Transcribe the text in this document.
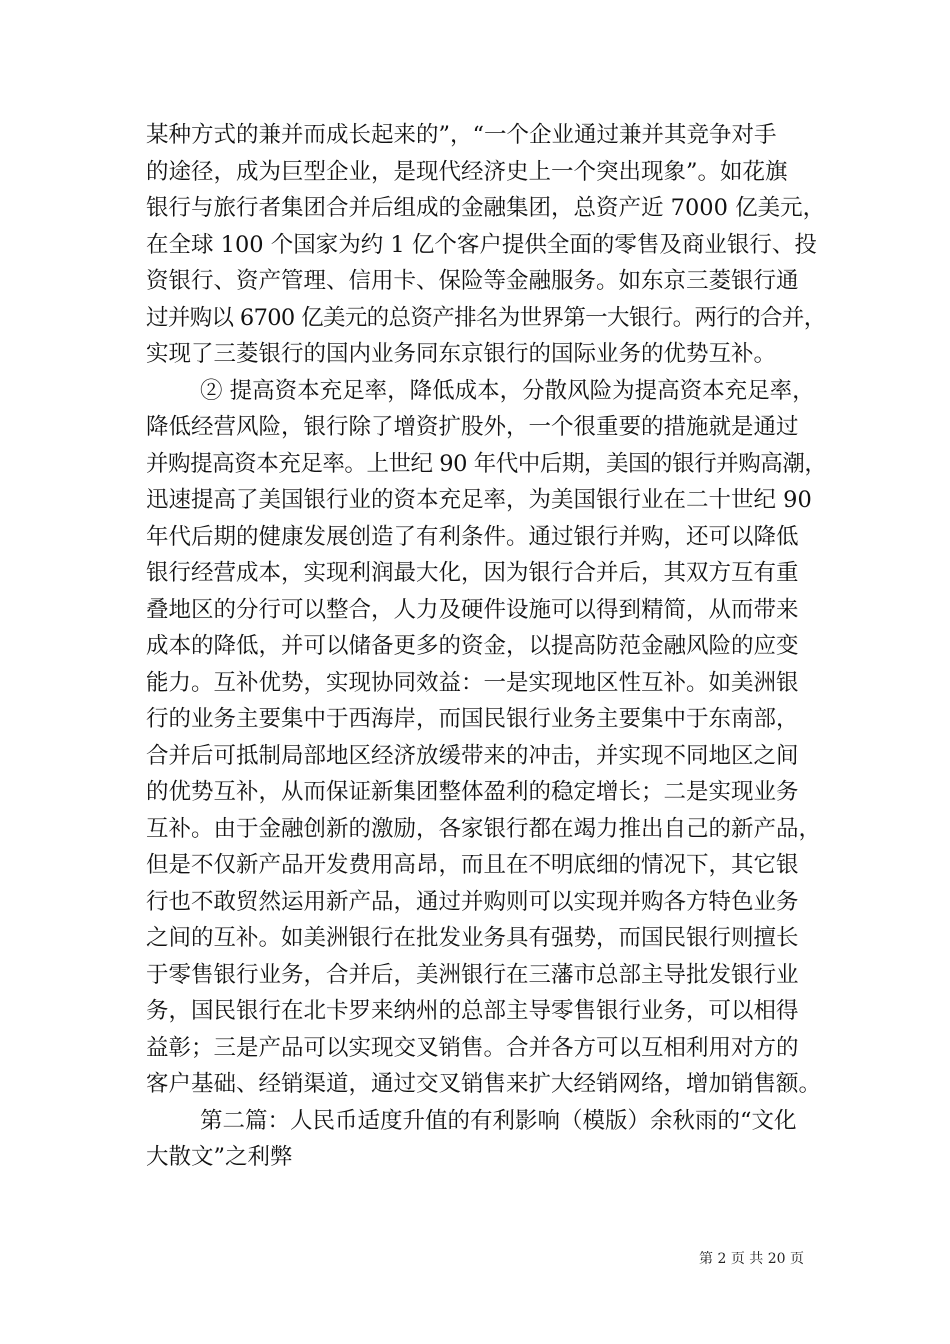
某种方式的兼并而成长起来的”，“一个企业通过兼并其竞争对手
的途径，成为巨型企业，是现代经济史上一个突出现象”。如花旗
银行与旅行者集团合并后组成的金融集团，总资产近 7000 亿美元，
在全球 100 个国家为约 1 亿个客户提供全面的零售及商业银行、投
资银行、资产管理、信用卡、保险等金融服务。如东京三菱银行通
过并购以 6700 亿美元的总资产排名为世界第一大银行。两行的合并，
实现了三菱银行的国内业务同东京银行的国际业务的优势互补。
② 提高资本充足率，降低成本，分散风险为提高资本充足率，
降低经营风险，银行除了增资扩股外，一个很重要的措施就是通过
并购提高资本充足率。上世纪 90 年代中后期，美国的银行并购高潮，
迅速提高了美国银行业的资本充足率，为美国银行业在二十世纪 90
年代后期的健康发展创造了有利条件。通过银行并购，还可以降低
银行经营成本，实现利润最大化，因为银行合并后，其双方互有重
叠地区的分行可以整合，人力及硬件设施可以得到精简，从而带来
成本的降低，并可以储备更多的资金，以提高防范金融风险的应变
能力。互补优势，实现协同效益：一是实现地区性互补。如美洲银
行的业务主要集中于西海岸，而国民银行业务主要集中于东南部，
合并后可抵制局部地区经济放缓带来的冲击，并实现不同地区之间
的优势互补，从而保证新集团整体盈利的稳定增长；二是实现业务
互补。由于金融创新的激励，各家银行都在竭力推出自己的新产品，
但是不仅新产品开发费用高昂，而且在不明底细的情况下，其它银
行也不敢贸然运用新产品，通过并购则可以实现并购各方特色业务
之间的互补。如美洲银行在批发业务具有强势，而国民银行则擅长
于零售银行业务，合并后，美洲银行在三藩市总部主导批发银行业
务，国民银行在北卡罗来纳州的总部主导零售银行业务，可以相得
益彰；三是产品可以实现交叉销售。合并各方可以互相利用对方的
客户基础、经销渠道，通过交叉销售来扩大经销网络，增加销售额。
第二篇：人民币适度升值的有利影响（模版）余秋雨的“文化
大散文”之利弊
第 2 页 共 20 页
